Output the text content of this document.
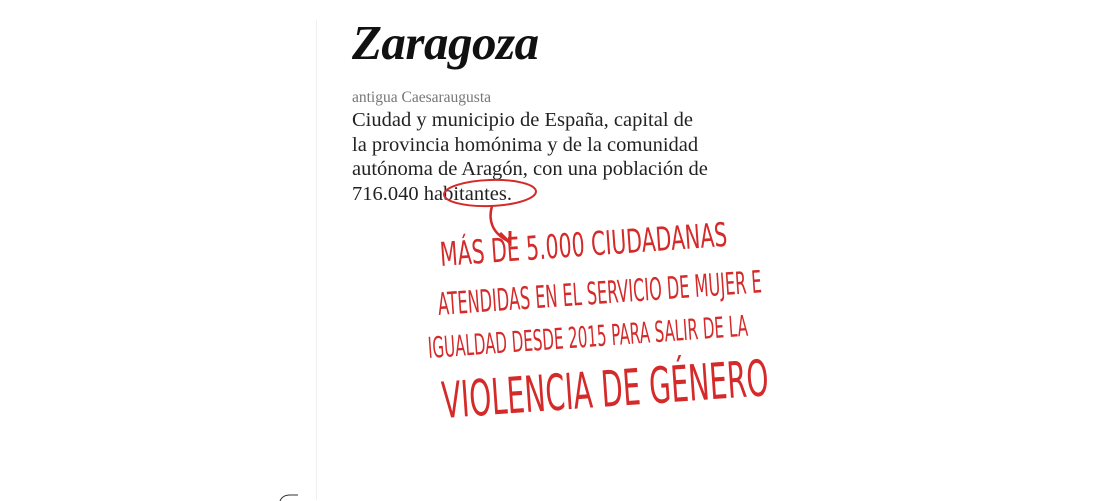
Zaragoza
antigua Caesaraugusta
Ciudad y municipio de España, capital de la provincia homónima y de la comunidad autónoma de Aragón, con una población de 716.040 habitantes.
MÁS DE 5.000 CIUDADANAS
ATENDIDAS EN EL SERVICIO DE MUJER E
IGUALDAD DESDE 2015 PARA SALIR DE LA
VIOLENCIA DE GÉNERO
